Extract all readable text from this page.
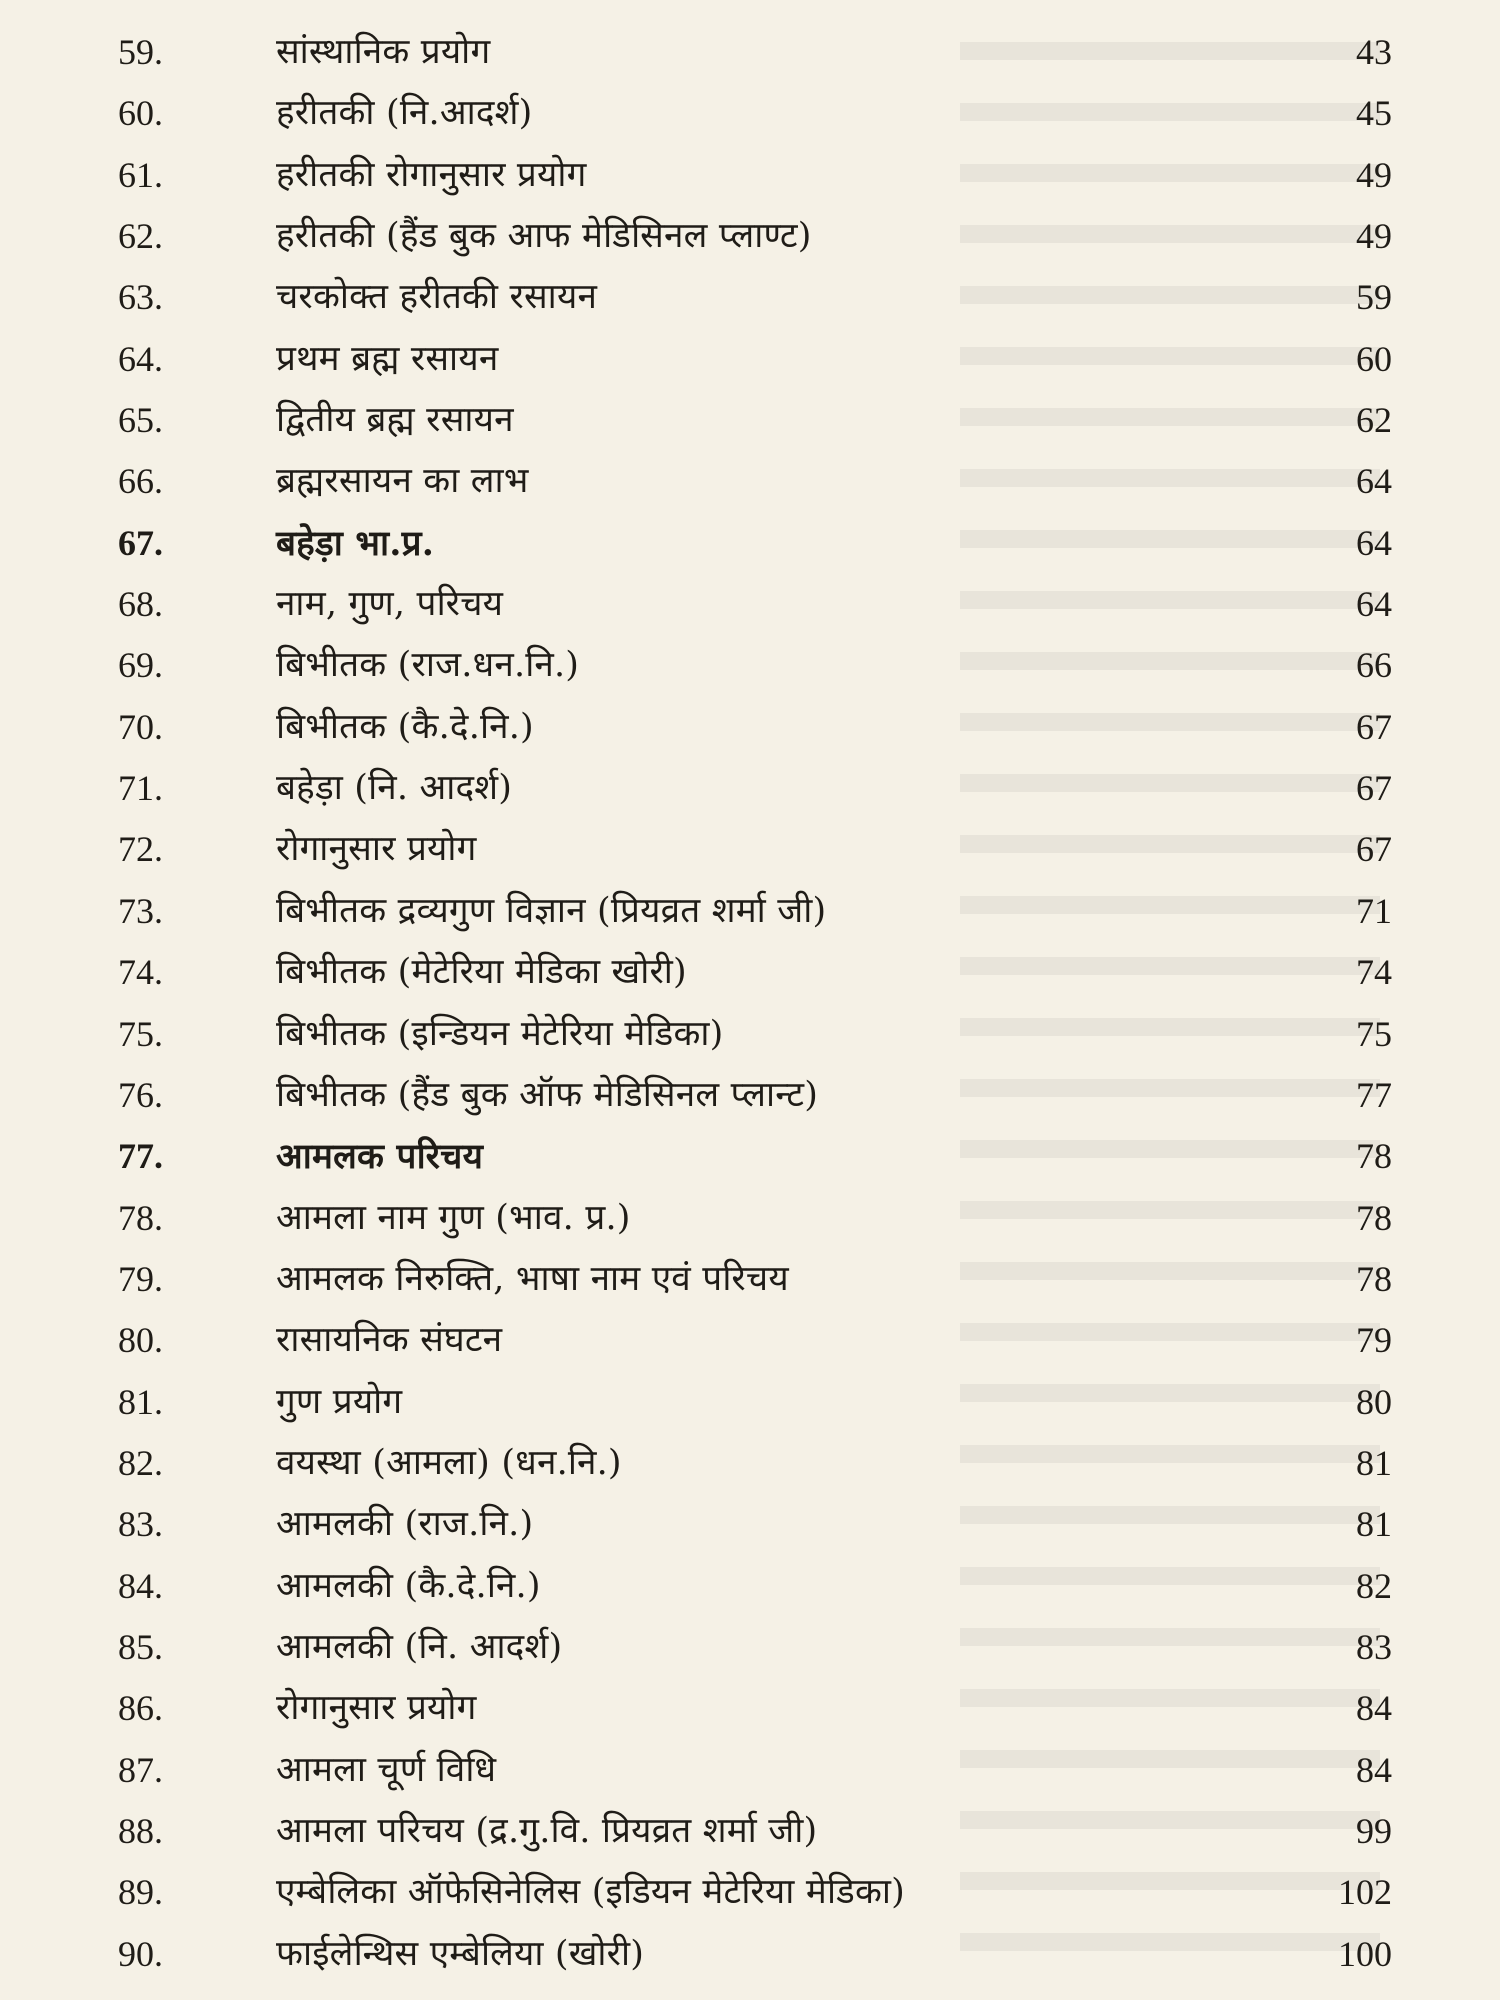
59.	सांस्थानिक प्रयोग	43
60.	हरीतकी (नि.आदर्श)	45
61.	हरीतकी रोगानुसार प्रयोग	49
62.	हरीतकी (हैंड बुक आफ मेडिसिनल प्लाण्ट)	49
63.	चरकोक्त हरीतकी रसायन	59
64.	प्रथम ब्रह्म रसायन	60
65.	द्वितीय ब्रह्म रसायन	62
66.	ब्रह्मरसायन का लाभ	64
67.	बहेड़ा भा.प्र.	64
68.	नाम, गुण, परिचय	64
69.	बिभीतक (राज.धन.नि.)	66
70.	बिभीतक (कै.दे.नि.)	67
71.	बहेड़ा (नि. आदर्श)	67
72.	रोगानुसार प्रयोग	67
73.	बिभीतक द्रव्यगुण विज्ञान (प्रियव्रत शर्मा जी)	71
74.	बिभीतक (मेटेरिया मेडिका खोरी)	74
75.	बिभीतक (इन्डियन मेटेरिया मेडिका)	75
76.	बिभीतक (हैंड बुक ऑफ मेडिसिनल प्लान्ट)	77
77.	आमलक परिचय	78
78.	आमला नाम गुण (भाव. प्र.)	78
79.	आमलक निरुक्ति, भाषा नाम एवं परिचय	78
80.	रासायनिक संघटन	79
81.	गुण प्रयोग	80
82.	वयस्था (आमला) (धन.नि.)	81
83.	आमलकी (राज.नि.)	81
84.	आमलकी (कै.दे.नि.)	82
85.	आमलकी (नि. आदर्श)	83
86.	रोगानुसार प्रयोग	84
87.	आमला चूर्ण विधि	84
88.	आमला परिचय (द्र.गु.वि. प्रियव्रत शर्मा जी)	99
89.	एम्बेलिका ऑफेसिनेलिस (इडियन मेटेरिया मेडिका)	102
90.	फाईलेन्थिस एम्बेलिया (खोरी)	100
